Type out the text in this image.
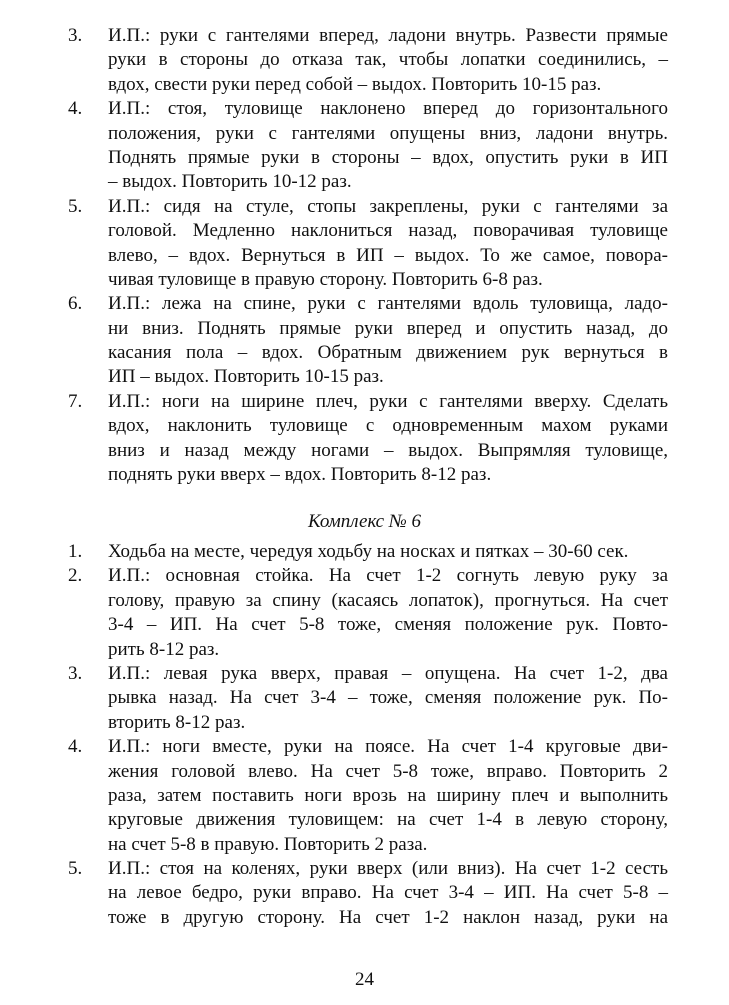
3.	И.П.: руки с гантелями вперед, ладони внутрь. Развести прямые
руки в стороны до отказа так, чтобы лопатки соединились, –
вдох, свести руки перед собой – выдох. Повторить 10-15 раз.
4.	И.П.: стоя, туловище наклонено вперед до горизонтального
положения, руки с гантелями опущены вниз, ладони внутрь.
Поднять прямые руки в стороны – вдох, опустить руки в ИП
– выдох. Повторить 10-12 раз.
5.	И.П.: сидя на стуле, стопы закреплены, руки с гантелями за
головой. Медленно наклониться назад, поворачивая туловище
влево, – вдох. Вернуться в ИП – выдох. То же самое, повора-
чивая туловище в правую сторону. Повторить 6-8 раз.
6.	И.П.: лежа на спине, руки с гантелями вдоль туловища, ладо-
ни вниз. Поднять прямые руки вперед и опустить назад, до
касания пола – вдох. Обратным движением рук вернуться в
ИП – выдох. Повторить 10-15 раз.
7.	И.П.: ноги на ширине плеч, руки с гантелями вверху. Сделать
вдох, наклонить туловище с одновременным махом руками
вниз и назад между ногами – выдох. Выпрямляя туловище,
поднять руки вверх – вдох. Повторить 8-12 раз.
Комплекс № 6
1.	Ходьба на месте, чередуя ходьбу на носках и пятках – 30-60 сек.
2.	И.П.: основная стойка. На счет 1-2 согнуть левую руку за
голову, правую за спину (касаясь лопаток), прогнуться. На счет
3-4 – ИП. На счет 5-8 тоже, сменяя положение рук. Повто-
рить 8-12 раз.
3.	И.П.: левая рука вверх, правая – опущена. На счет 1-2, два
рывка назад. На счет 3-4 – тоже, сменяя положение рук. По-
вторить 8-12 раз.
4.	И.П.: ноги вместе, руки на поясе. На счет 1-4 круговые дви-
жения головой влево. На счет 5-8 тоже, вправо. Повторить 2
раза, затем поставить ноги врозь на ширину плеч и выполнить
круговые движения туловищем: на счет 1-4 в левую сторону,
на счет 5-8 в правую. Повторить 2 раза.
5.	И.П.: стоя на коленях, руки вверх (или вниз). На счет 1-2 сесть
на левое бедро, руки вправо. На счет 3-4 – ИП. На счет 5-8 –
тоже в другую сторону. На счет 1-2 наклон назад, руки на
24
